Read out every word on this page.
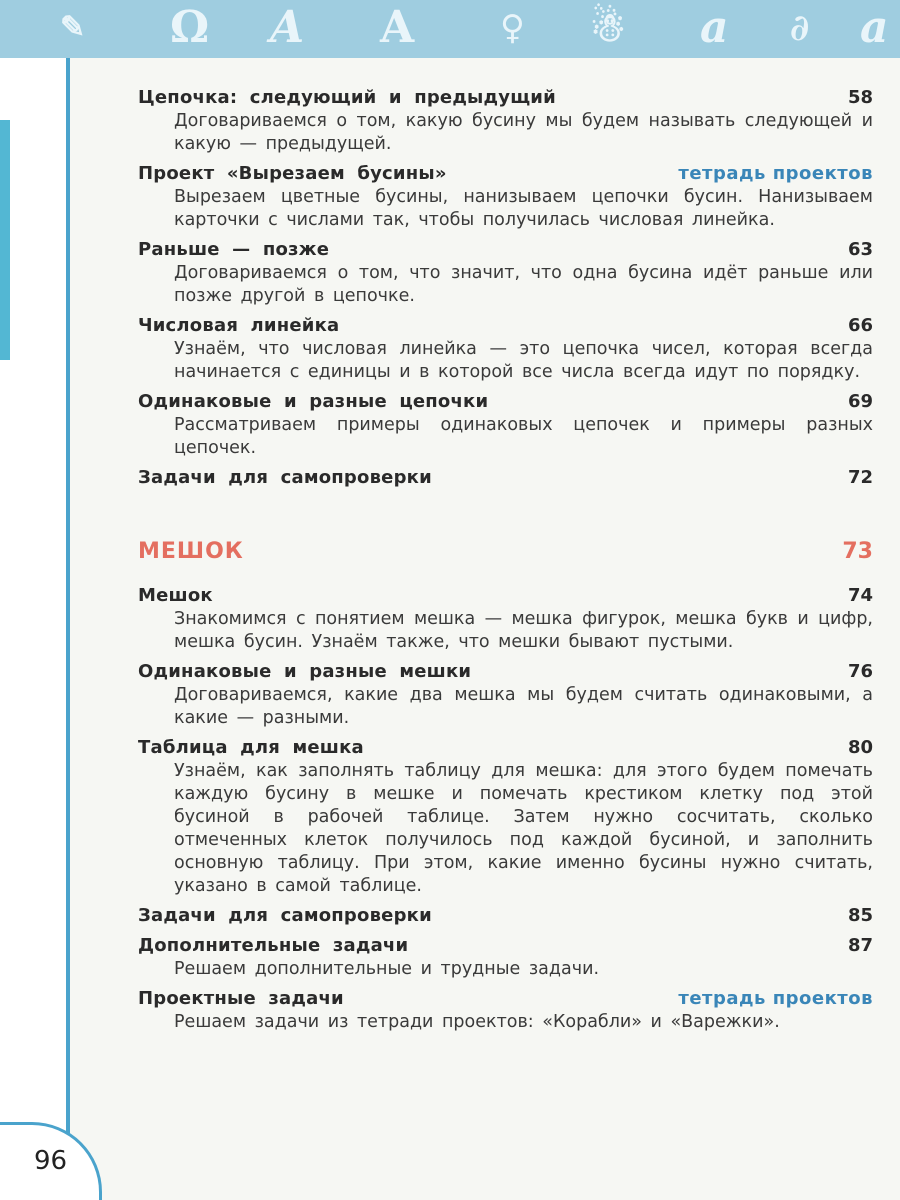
✎ Ω A A	♀ ☃ a ∂ a
Цепочка: следующий и предыдущий	58
Договариваемся о том, какую бусину мы будем называть следующей и какую — предыдущей.
Проект «Вырезаем бусины»	тетрадь проектов
Вырезаем цветные бусины, нанизываем цепочки бусин. Нанизываем карточки с числами так, чтобы получилась числовая линейка.
Раньше — позже	63
Договариваемся о том, что значит, что одна бусина идёт раньше или позже другой в цепочке.
Числовая линейка	66
Узнаём, что числовая линейка — это цепочка чисел, которая всегда начинается с единицы и в которой все числа всегда идут по порядку.
Одинаковые и разные цепочки	69
Рассматриваем примеры одинаковых цепочек и примеры разных цепочек.
Задачи для самопроверки	72
МЕШОК	73
Мешок	74
Знакомимся с понятием мешка — мешка фигурок, мешка букв и цифр, мешка бусин. Узнаём также, что мешки бывают пустыми.
Одинаковые и разные мешки	76
Договариваемся, какие два мешка мы будем считать одинаковыми, а какие — разными.
Таблица для мешка	80
Узнаём, как заполнять таблицу для мешка: для этого будем помечать каждую бусину в мешке и помечать крестиком клетку под этой бусиной в рабочей таблице. Затем нужно сосчитать, сколько отмеченных клеток получилось под каждой бусиной, и заполнить основную таблицу. При этом, какие именно бусины нужно считать, указано в самой таблице.
Задачи для самопроверки	85
Дополнительные задачи	87
Решаем дополнительные и трудные задачи.
Проектные задачи	тетрадь проектов
Решаем задачи из тетради проектов: «Корабли» и «Варежки».
96
